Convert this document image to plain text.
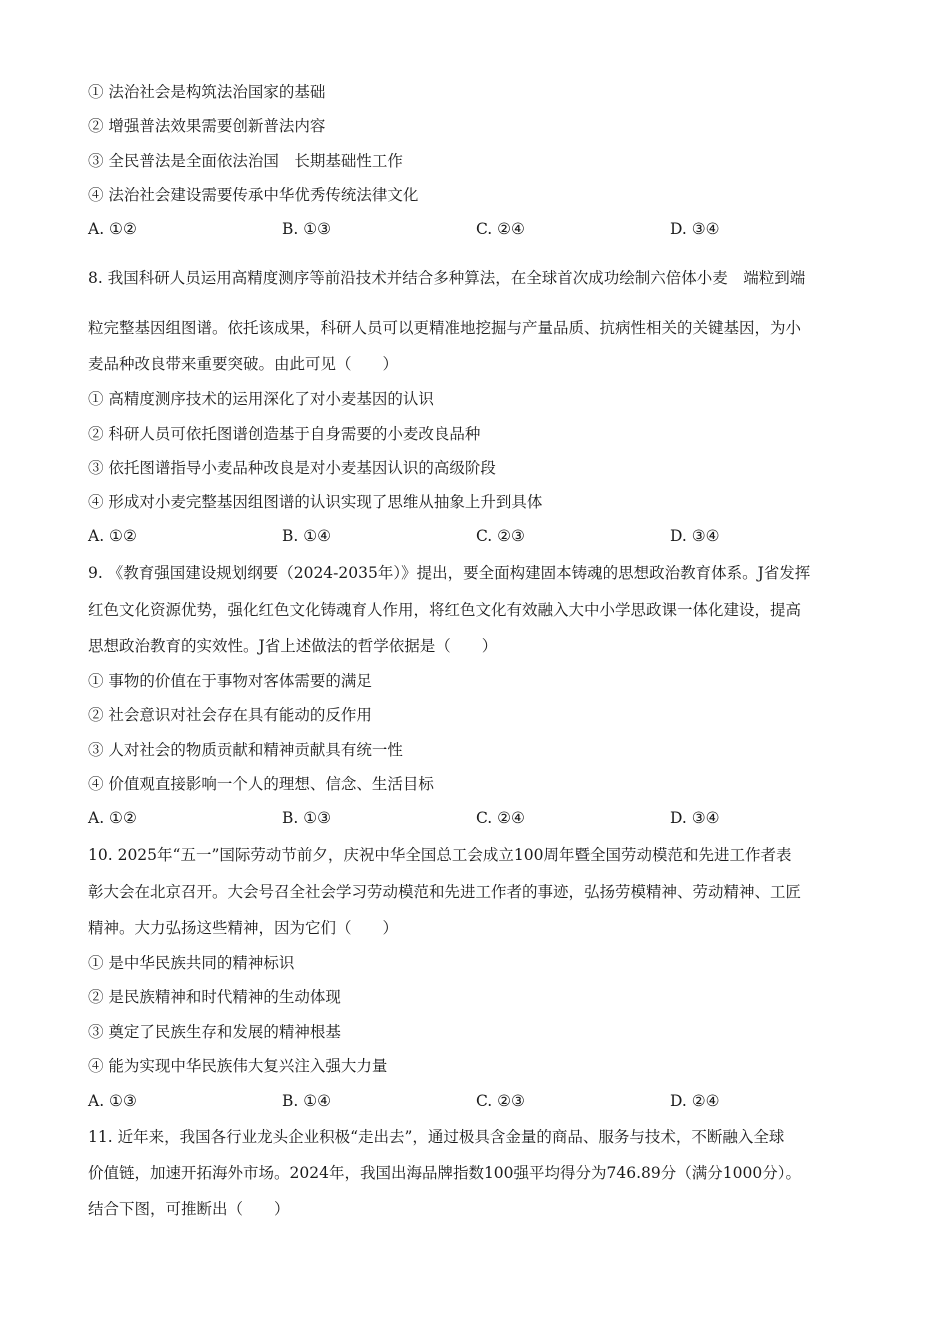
① 法治社会是构筑法治国家的基础
② 增强普法效果需要创新普法内容
③ 全民普法是全面依法治国　长期基础性工作
④ 法治社会建设需要传承中华优秀传统法律文化
A. ①②	B. ①③	C. ②④	D. ③④
8. 我国科研人员运用高精度测序等前沿技术并结合多种算法，在全球首次成功绘制六倍体小麦　端粒到端
粒完整基因组图谱。依托该成果，科研人员可以更精准地挖掘与产量品质、抗病性相关的关键基因，为小
麦品种改良带来重要突破。由此可见（　　）
① 高精度测序技术的运用深化了对小麦基因的认识
② 科研人员可依托图谱创造基于自身需要的小麦改良品种
③ 依托图谱指导小麦品种改良是对小麦基因认识的高级阶段
④ 形成对小麦完整基因组图谱的认识实现了思维从抽象上升到具体
A. ①②	B. ①④	C. ②③	D. ③④
9. 《教育强国建设规划纲要（2024-2035年）》提出，要全面构建固本铸魂的思想政治教育体系。J省发挥
红色文化资源优势，强化红色文化铸魂育人作用，将红色文化有效融入大中小学思政课一体化建设，提高
思想政治教育的实效性。J省上述做法的哲学依据是（　　）
① 事物的价值在于事物对客体需要的满足
② 社会意识对社会存在具有能动的反作用
③ 人对社会的物质贡献和精神贡献具有统一性
④ 价值观直接影响一个人的理想、信念、生活目标
A. ①②	B. ①③	C. ②④	D. ③④
10. 2025年“五一”国际劳动节前夕，庆祝中华全国总工会成立100周年暨全国劳动模范和先进工作者表
彰大会在北京召开。大会号召全社会学习劳动模范和先进工作者的事迹，弘扬劳模精神、劳动精神、工匠
精神。大力弘扬这些精神，因为它们（　　）
① 是中华民族共同的精神标识
② 是民族精神和时代精神的生动体现
③ 奠定了民族生存和发展的精神根基
④ 能为实现中华民族伟大复兴注入强大力量
A. ①③	B. ①④	C. ②③	D. ②④
11. 近年来，我国各行业龙头企业积极“走出去”，通过极具含金量的商品、服务与技术，不断融入全球
价值链，加速开拓海外市场。2024年，我国出海品牌指数100强平均得分为746.89分（满分1000分）。
结合下图，可推断出（　　）
